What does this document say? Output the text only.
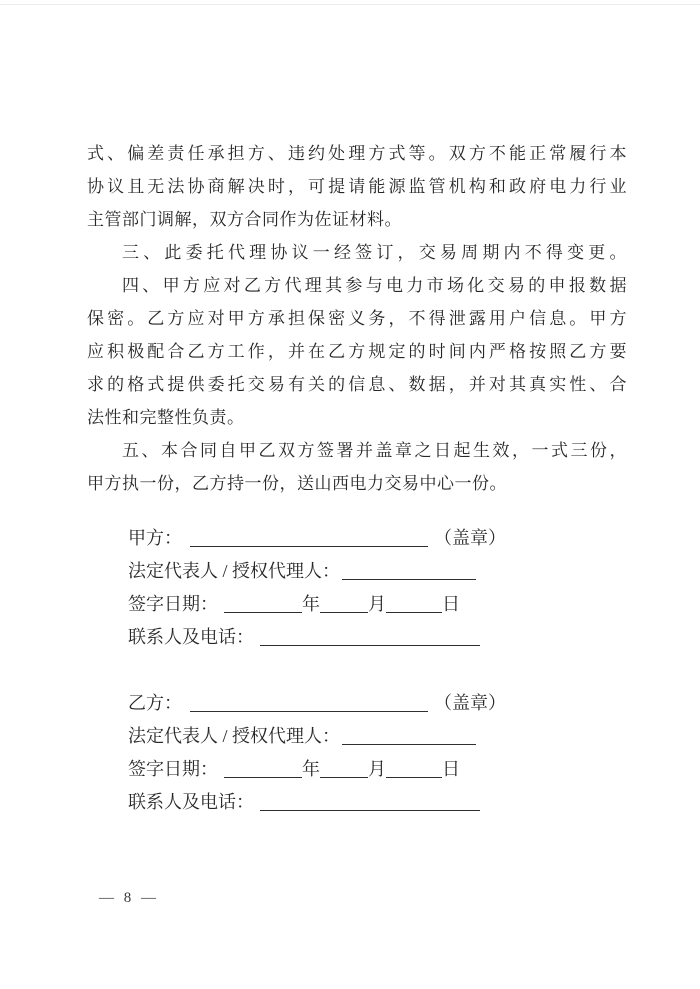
式、偏差责任承担方、违约处理方式等。双方不能正常履行本
协议且无法协商解决时，可提请能源监管机构和政府电力行业
主管部门调解，双方合同作为佐证材料。
三、此委托代理协议一经签订，交易周期内不得变更。
四、甲方应对乙方代理其参与电力市场化交易的申报数据
保密。乙方应对甲方承担保密义务，不得泄露用户信息。甲方
应积极配合乙方工作，并在乙方规定的时间内严格按照乙方要
求的格式提供委托交易有关的信息、数据，并对其真实性、合
法性和完整性负责。
五、本合同自甲乙双方签署并盖章之日起生效，一式三份，
甲方执一份，乙方持一份，送山西电力交易中心一份。
甲方：	（盖章）
法定代表人 / 授权代理人：
签字日期：	年	月	日
联系人及电话：
乙方：	（盖章）
法定代表人 / 授权代理人：
签字日期：	年	月	日
联系人及电话：
— 8 —
